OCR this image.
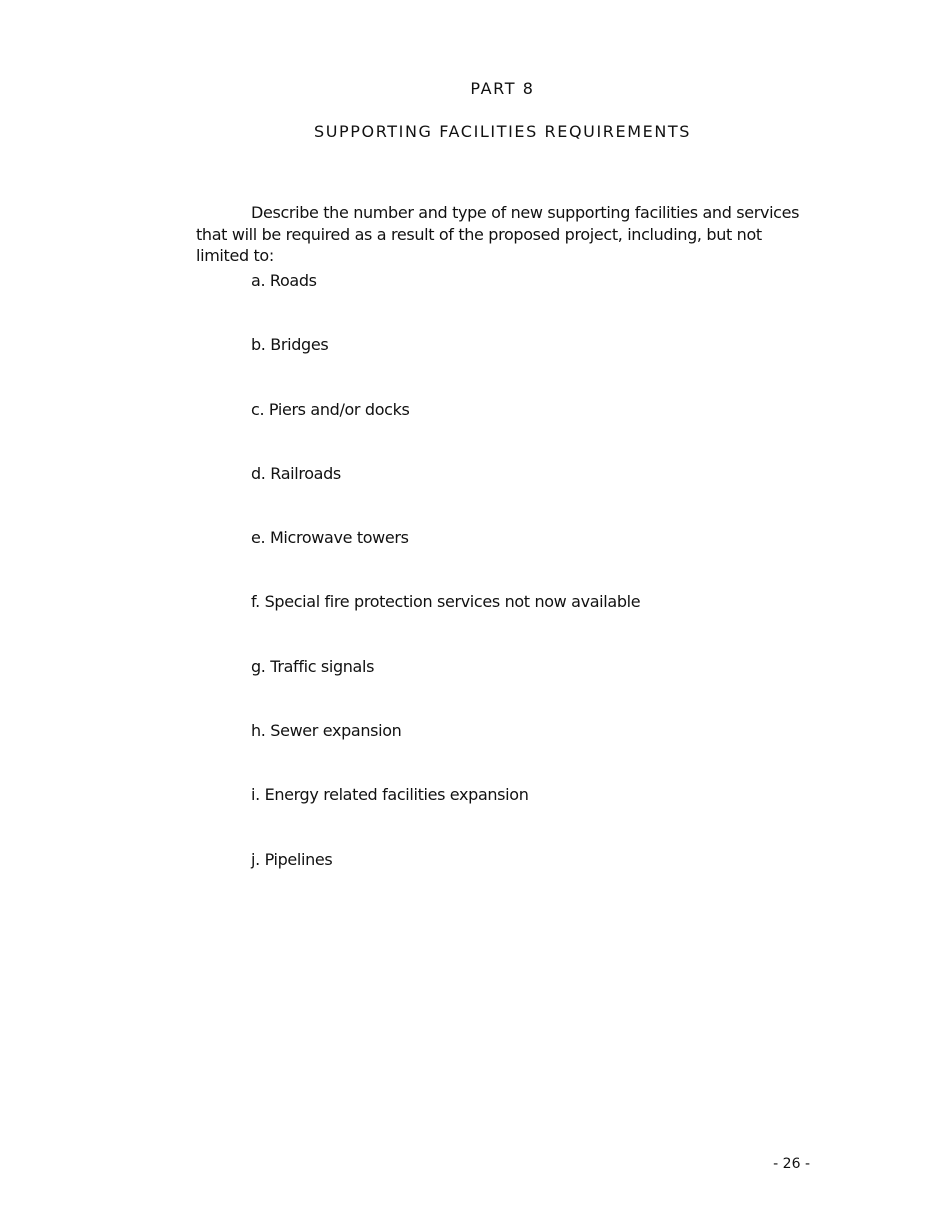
PART 8
SUPPORTING FACILITIES REQUIREMENTS

Describe the number and type of new supporting facilities and services that will be required as a result of the proposed project, including, but not limited to:

a. Roads
b. Bridges
c. Piers and/or docks
d. Railroads
e. Microwave towers
f. Special fire protection services not now available
g. Traffic signals
h. Sewer expansion
i. Energy related facilities expansion
j. Pipelines
- 26 -
